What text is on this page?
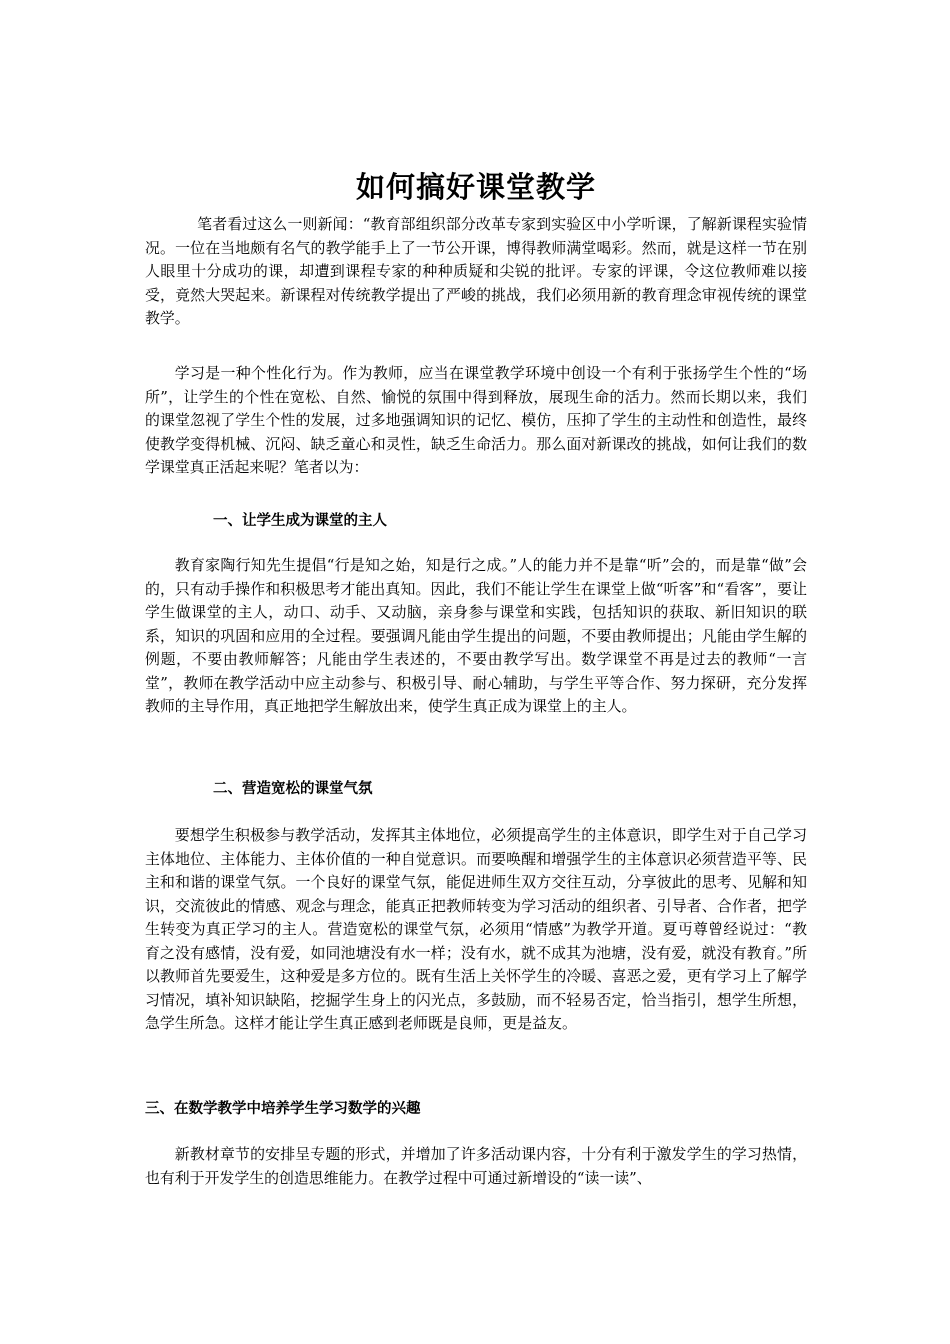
如何搞好课堂教学

笔者看过这么一则新闻：“教育部组织部分改革专家到实验区中小学听课，了解新课程实验情况。一位在当地颇有名气的教学能手上了一节公开课，博得教师满堂喝彩。然而，就是这样一节在别人眼里十分成功的课，却遭到课程专家的种种质疑和尖锐的批评。专家的评课，令这位教师难以接受，竟然大哭起来。新课程对传统教学提出了严峻的挑战，我们必须用新的教育理念审视传统的课堂教学。

学习是一种个性化行为。作为教师，应当在课堂教学环境中创设一个有利于张扬学生个性的“场所”，让学生的个性在宽松、自然、愉悦的氛围中得到释放，展现生命的活力。然而长期以来，我们的课堂忽视了学生个性的发展，过多地强调知识的记忆、模仿，压抑了学生的主动性和创造性，最终使教学变得机械、沉闷、缺乏童心和灵性，缺乏生命活力。那么面对新课改的挑战，如何让我们的数学课堂真正活起来呢？笔者以为：

一、让学生成为课堂的主人

教育家陶行知先生提倡“行是知之始，知是行之成。”人的能力并不是靠“听”会的，而是靠“做”会的，只有动手操作和积极思考才能出真知。因此，我们不能让学生在课堂上做“听客”和“看客”，要让学生做课堂的主人，动口、动手、又动脑，亲身参与课堂和实践，包括知识的获取、新旧知识的联系，知识的巩固和应用的全过程。要强调凡能由学生提出的问题，不要由教师提出；凡能由学生解的例题，不要由教师解答；凡能由学生表述的，不要由教学写出。数学课堂不再是过去的教师“一言堂”，教师在教学活动中应主动参与、积极引导、耐心辅助，与学生平等合作、努力探研，充分发挥教师的主导作用，真正地把学生解放出来，使学生真正成为课堂上的主人。

二、营造宽松的课堂气氛

要想学生积极参与教学活动，发挥其主体地位，必须提高学生的主体意识，即学生对于自己学习主体地位、主体能力、主体价值的一种自觉意识。而要唤醒和增强学生的主体意识必须营造平等、民主和和谐的课堂气氛。一个良好的课堂气氛，能促进师生双方交往互动，分享彼此的思考、见解和知识，交流彼此的情感、观念与理念，能真正把教师转变为学习活动的组织者、引导者、合作者，把学生转变为真正学习的主人。营造宽松的课堂气氛，必须用“情感”为教学开道。夏丏尊曾经说过：“教育之没有感情，没有爱，如同池塘没有水一样；没有水，就不成其为池塘，没有爱，就没有教育。”所以教师首先要爱生，这种爱是多方位的。既有生活上关怀学生的冷暖、喜恶之爱，更有学习上了解学习情况，填补知识缺陷，挖掘学生身上的闪光点，多鼓励，而不轻易否定，恰当指引，想学生所想，急学生所急。这样才能让学生真正感到老师既是良师，更是益友。

三、在数学教学中培养学生学习数学的兴趣

新教材章节的安排呈专题的形式，并增加了许多活动课内容，十分有利于激发学生的学习热情，也有利于开发学生的创造思维能力。在教学过程中可通过新增设的“读一读”、
